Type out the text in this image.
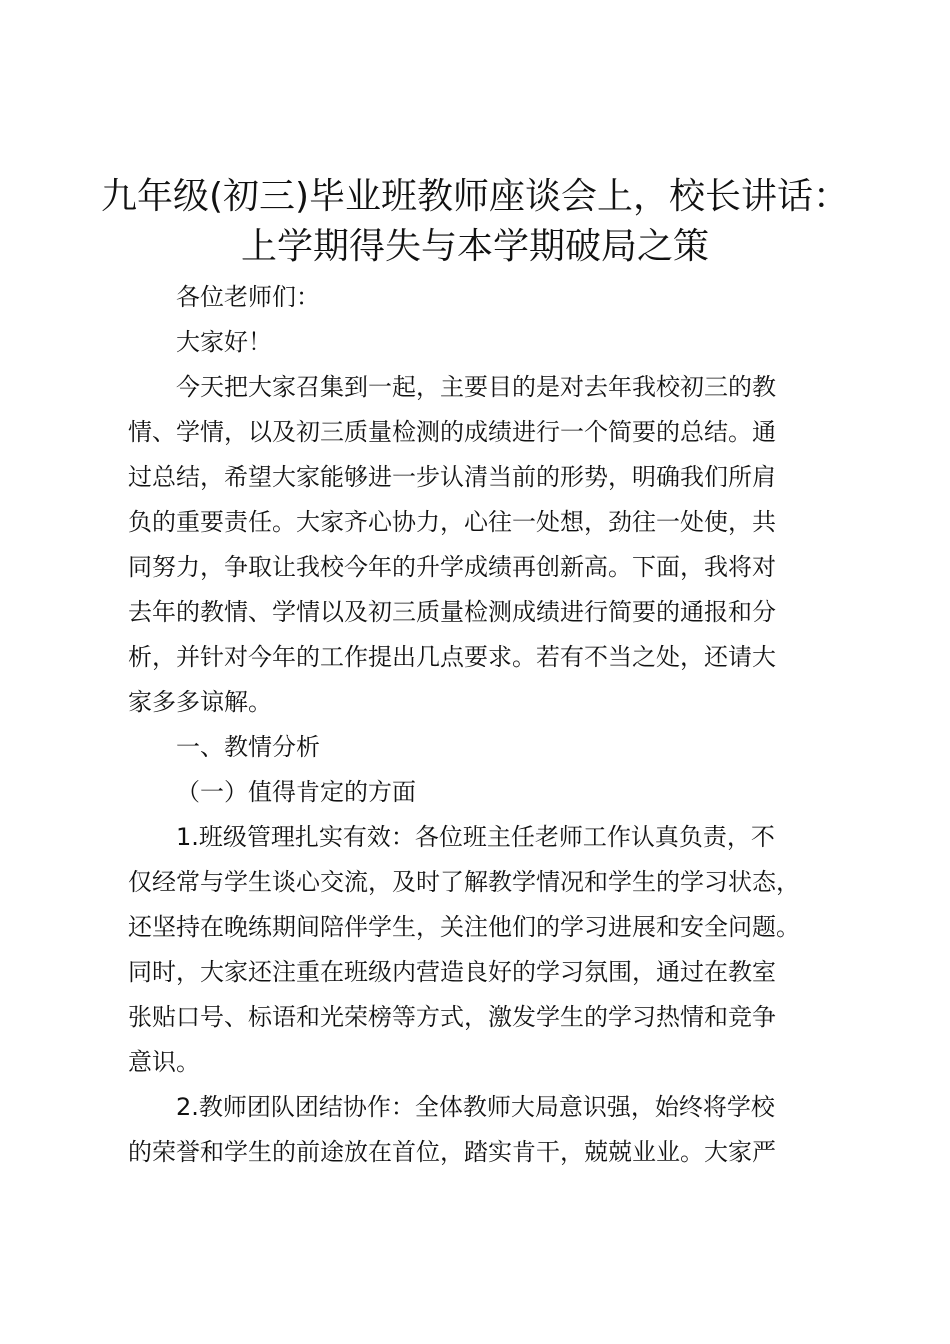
九年级(初三)毕业班教师座谈会上，校长讲话：
上学期得失与本学期破局之策
各位老师们：
大家好！
今天把大家召集到一起，主要目的是对去年我校初三的教
情、学情，以及初三质量检测的成绩进行一个简要的总结。通
过总结，希望大家能够进一步认清当前的形势，明确我们所肩
负的重要责任。大家齐心协力，心往一处想，劲往一处使，共
同努力，争取让我校今年的升学成绩再创新高。下面，我将对
去年的教情、学情以及初三质量检测成绩进行简要的通报和分
析，并针对今年的工作提出几点要求。若有不当之处，还请大
家多多谅解。
一、教情分析
（一）值得肯定的方面
1.班级管理扎实有效：各位班主任老师工作认真负责，不
仅经常与学生谈心交流，及时了解教学情况和学生的学习状态，
还坚持在晚练期间陪伴学生，关注他们的学习进展和安全问题。
同时，大家还注重在班级内营造良好的学习氛围，通过在教室
张贴口号、标语和光荣榜等方式，激发学生的学习热情和竞争
意识。
2.教师团队团结协作：全体教师大局意识强，始终将学校
的荣誉和学生的前途放在首位，踏实肯干，兢兢业业。大家严
